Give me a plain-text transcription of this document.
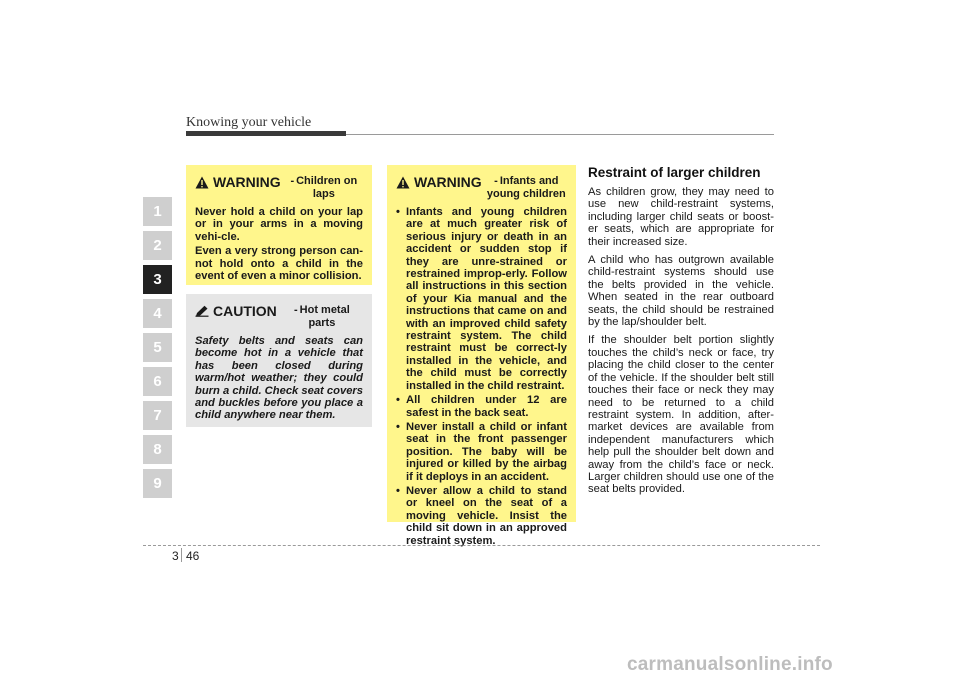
Knowing your vehicle
1
2
3
4
5
6
7
8
9
WARNING - Children on laps

Never hold a child on your lap or in your arms in a moving vehi-cle.

Even a very strong person can-not hold onto a child in the event of even a minor collision.

CAUTION	- Hot metal parts

Safety belts and seats can become hot in a vehicle that has been closed during warm/hot weather; they could burn a child. Check seat covers and buckles before you place a child anywhere near them.

WARNING	- Infants and young children
• Infants and young children are at much greater risk of serious injury or death in an accident or sudden stop if they are unre-strained or restrained improp-erly. Follow all instructions in this section of your Kia manual and the instructions that came on and with an improved child safety restraint system. The child restraint must be correct-ly installed in the vehicle, and the child must be correctly installed in the child restraint.
• All children under 12 are safest in the back seat.
• Never install a child or infant seat in the front passenger position. The baby will be injured or killed by the airbag if it deploys in an accident.
• Never allow a child to stand or kneel on the seat of a moving vehicle. Insist the child sit down in an approved restraint system.
Restraint of larger children

As children grow, they may need to use new child-restraint systems, including larger child seats or boost-er seats, which are appropriate for their increased size.

A child who has outgrown available child-restraint systems should use the belts provided in the vehicle. When seated in the rear outboard seats, the child should be restrained by the lap/shoulder belt.

If the shoulder belt portion slightly touches the child’s neck or face, try placing the child closer to the center of the vehicle. If the shoulder belt still touches their face or neck they may need to be returned to a child restraint system. In addition, after-market devices are available from independent manufacturers which help pull the shoulder belt down and away from the child’s face or neck. Larger children should use one of the seat belts provided.

3 46
carmanualsonline.info
